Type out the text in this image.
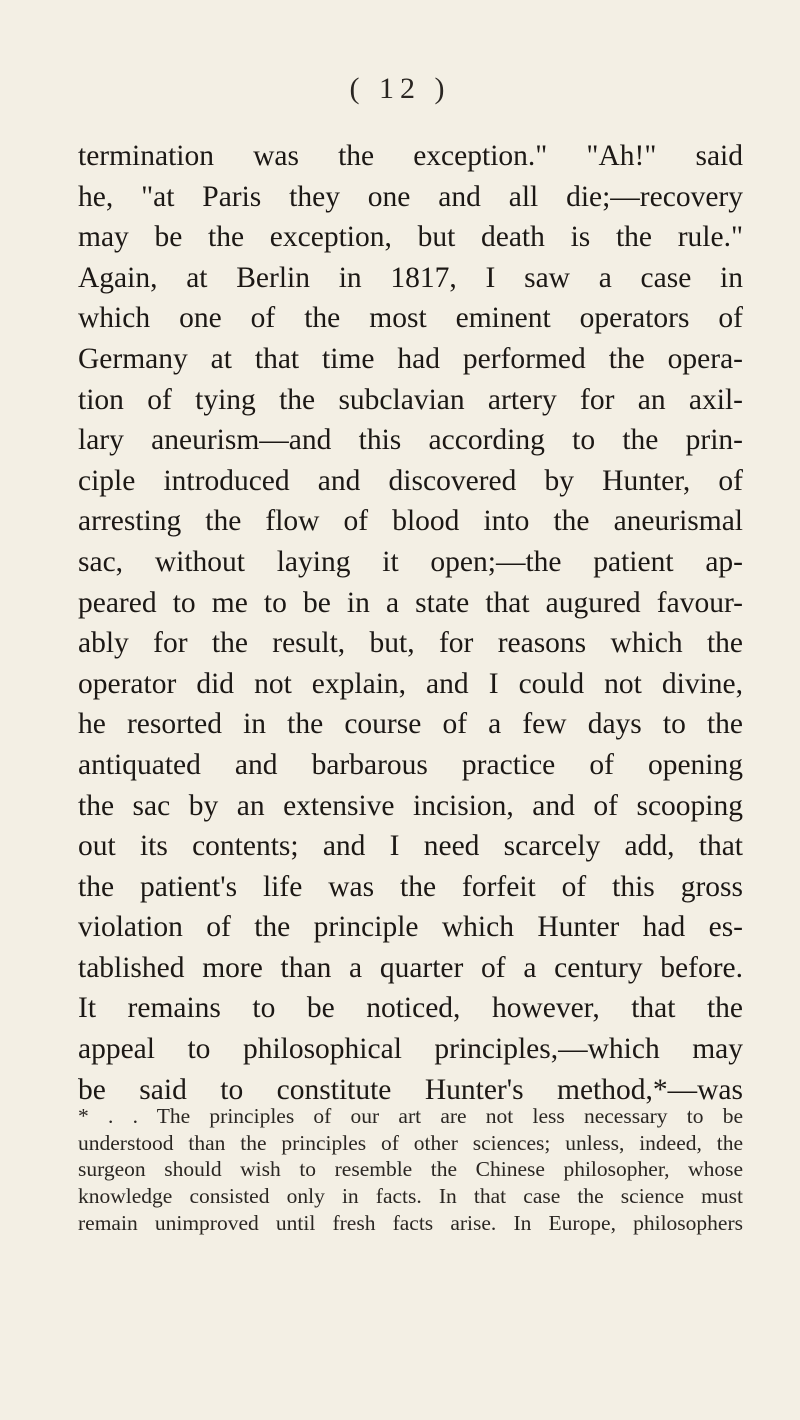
( 12 )
termination was the exception." "Ah!" said
he, "at Paris they one and all die;—recovery
may be the exception, but death is the rule."
Again, at Berlin in 1817, I saw a case in
which one of the most eminent operators of
Germany at that time had performed the opera-
tion of tying the subclavian artery for an axil-
lary aneurism—and this according to the prin-
ciple introduced and discovered by Hunter, of
arresting the flow of blood into the aneurismal
sac, without laying it open;—the patient ap-
peared to me to be in a state that augured favour-
ably for the result, but, for reasons which the
operator did not explain, and I could not divine,
he resorted in the course of a few days to the
antiquated and barbarous practice of opening
the sac by an extensive incision, and of scooping
out its contents; and I need scarcely add, that
the patient's life was the forfeit of this gross
violation of the principle which Hunter had es-
tablished more than a quarter of a century before.
It remains to be noticed, however, that the
appeal to philosophical principles,—which may
be said to constitute Hunter's method,*—was
* . . The principles of our art are not less necessary to be
understood than the principles of other sciences; unless, indeed, the
surgeon should wish to resemble the Chinese philosopher, whose
knowledge consisted only in facts. In that case the science must
remain unimproved until fresh facts arise. In Europe, philosophers
